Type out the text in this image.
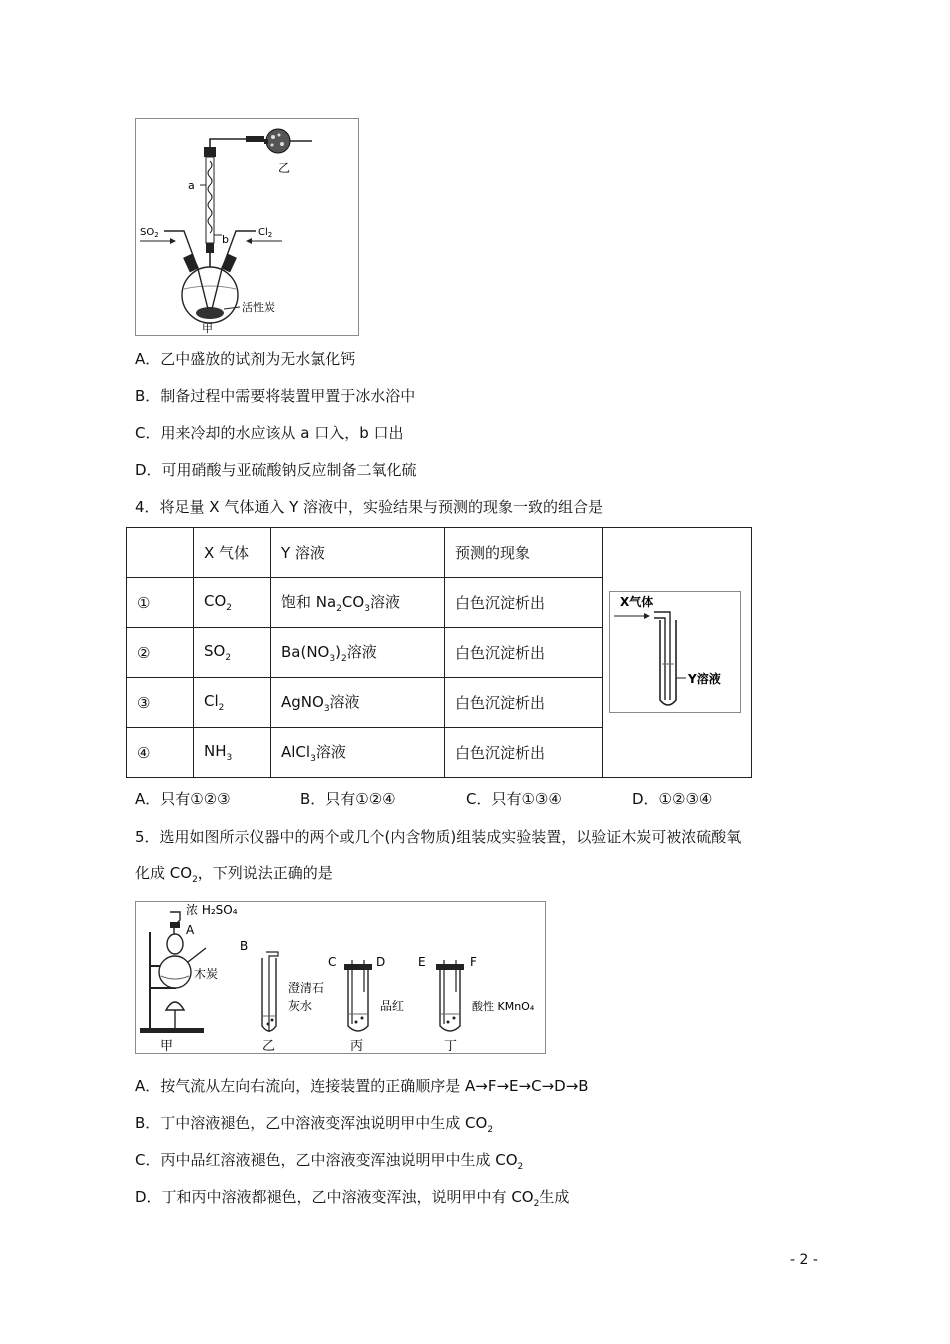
乙
a
b
$SO_2$	$Cl_2$
活性炭
甲
A．乙中盛放的试剂为无水氯化钙
B．制备过程中需要将装置甲置于冰水浴中
C．用来冷却的水应该从 a 口入，b 口出
D．可用硝酸与亚硫酸钠反应制备二氧化硫
4．将足量 X 气体通入 Y 溶液中，实验结果与预测的现象一致的组合是
	X 气体	Y 溶液	预测的现象	X气体
Y溶液

①	$CO_2$	饱和 $Na_2CO_3$溶液	白色沉淀析出	
②	$SO_2$	$Ba(NO_3)_2$溶液	白色沉淀析出	
③	$Cl_2$	AgNO$_3$溶液	白色沉淀析出	
④	$NH_3$	AlCl$_3$溶液	白色沉淀析出	
A．只有①②③	B．只有①②④	C．只有①③④	D．①②③④
5．选用如图所示仪器中的两个或几个(内含物质)组装成实验装置，以验证木炭可被浓硫酸氧
化成 $CO_2$，下列说法正确的是
浓 H₂SO₄
A
木炭
甲
B
澄清石
灰水
乙
C	D
品红
丙
E	F
酸性 KMnO₄
丁
A．按气流从左向右流向，连接装置的正确顺序是 A→F→E→C→D→B
B．丁中溶液褪色，乙中溶液变浑浊说明甲中生成 $CO_2$
C．丙中品红溶液褪色，乙中溶液变浑浊说明甲中生成 $CO_2$
D．丁和丙中溶液都褪色，乙中溶液变浑浊，说明甲中有 $CO_2$生成
- 2 -
